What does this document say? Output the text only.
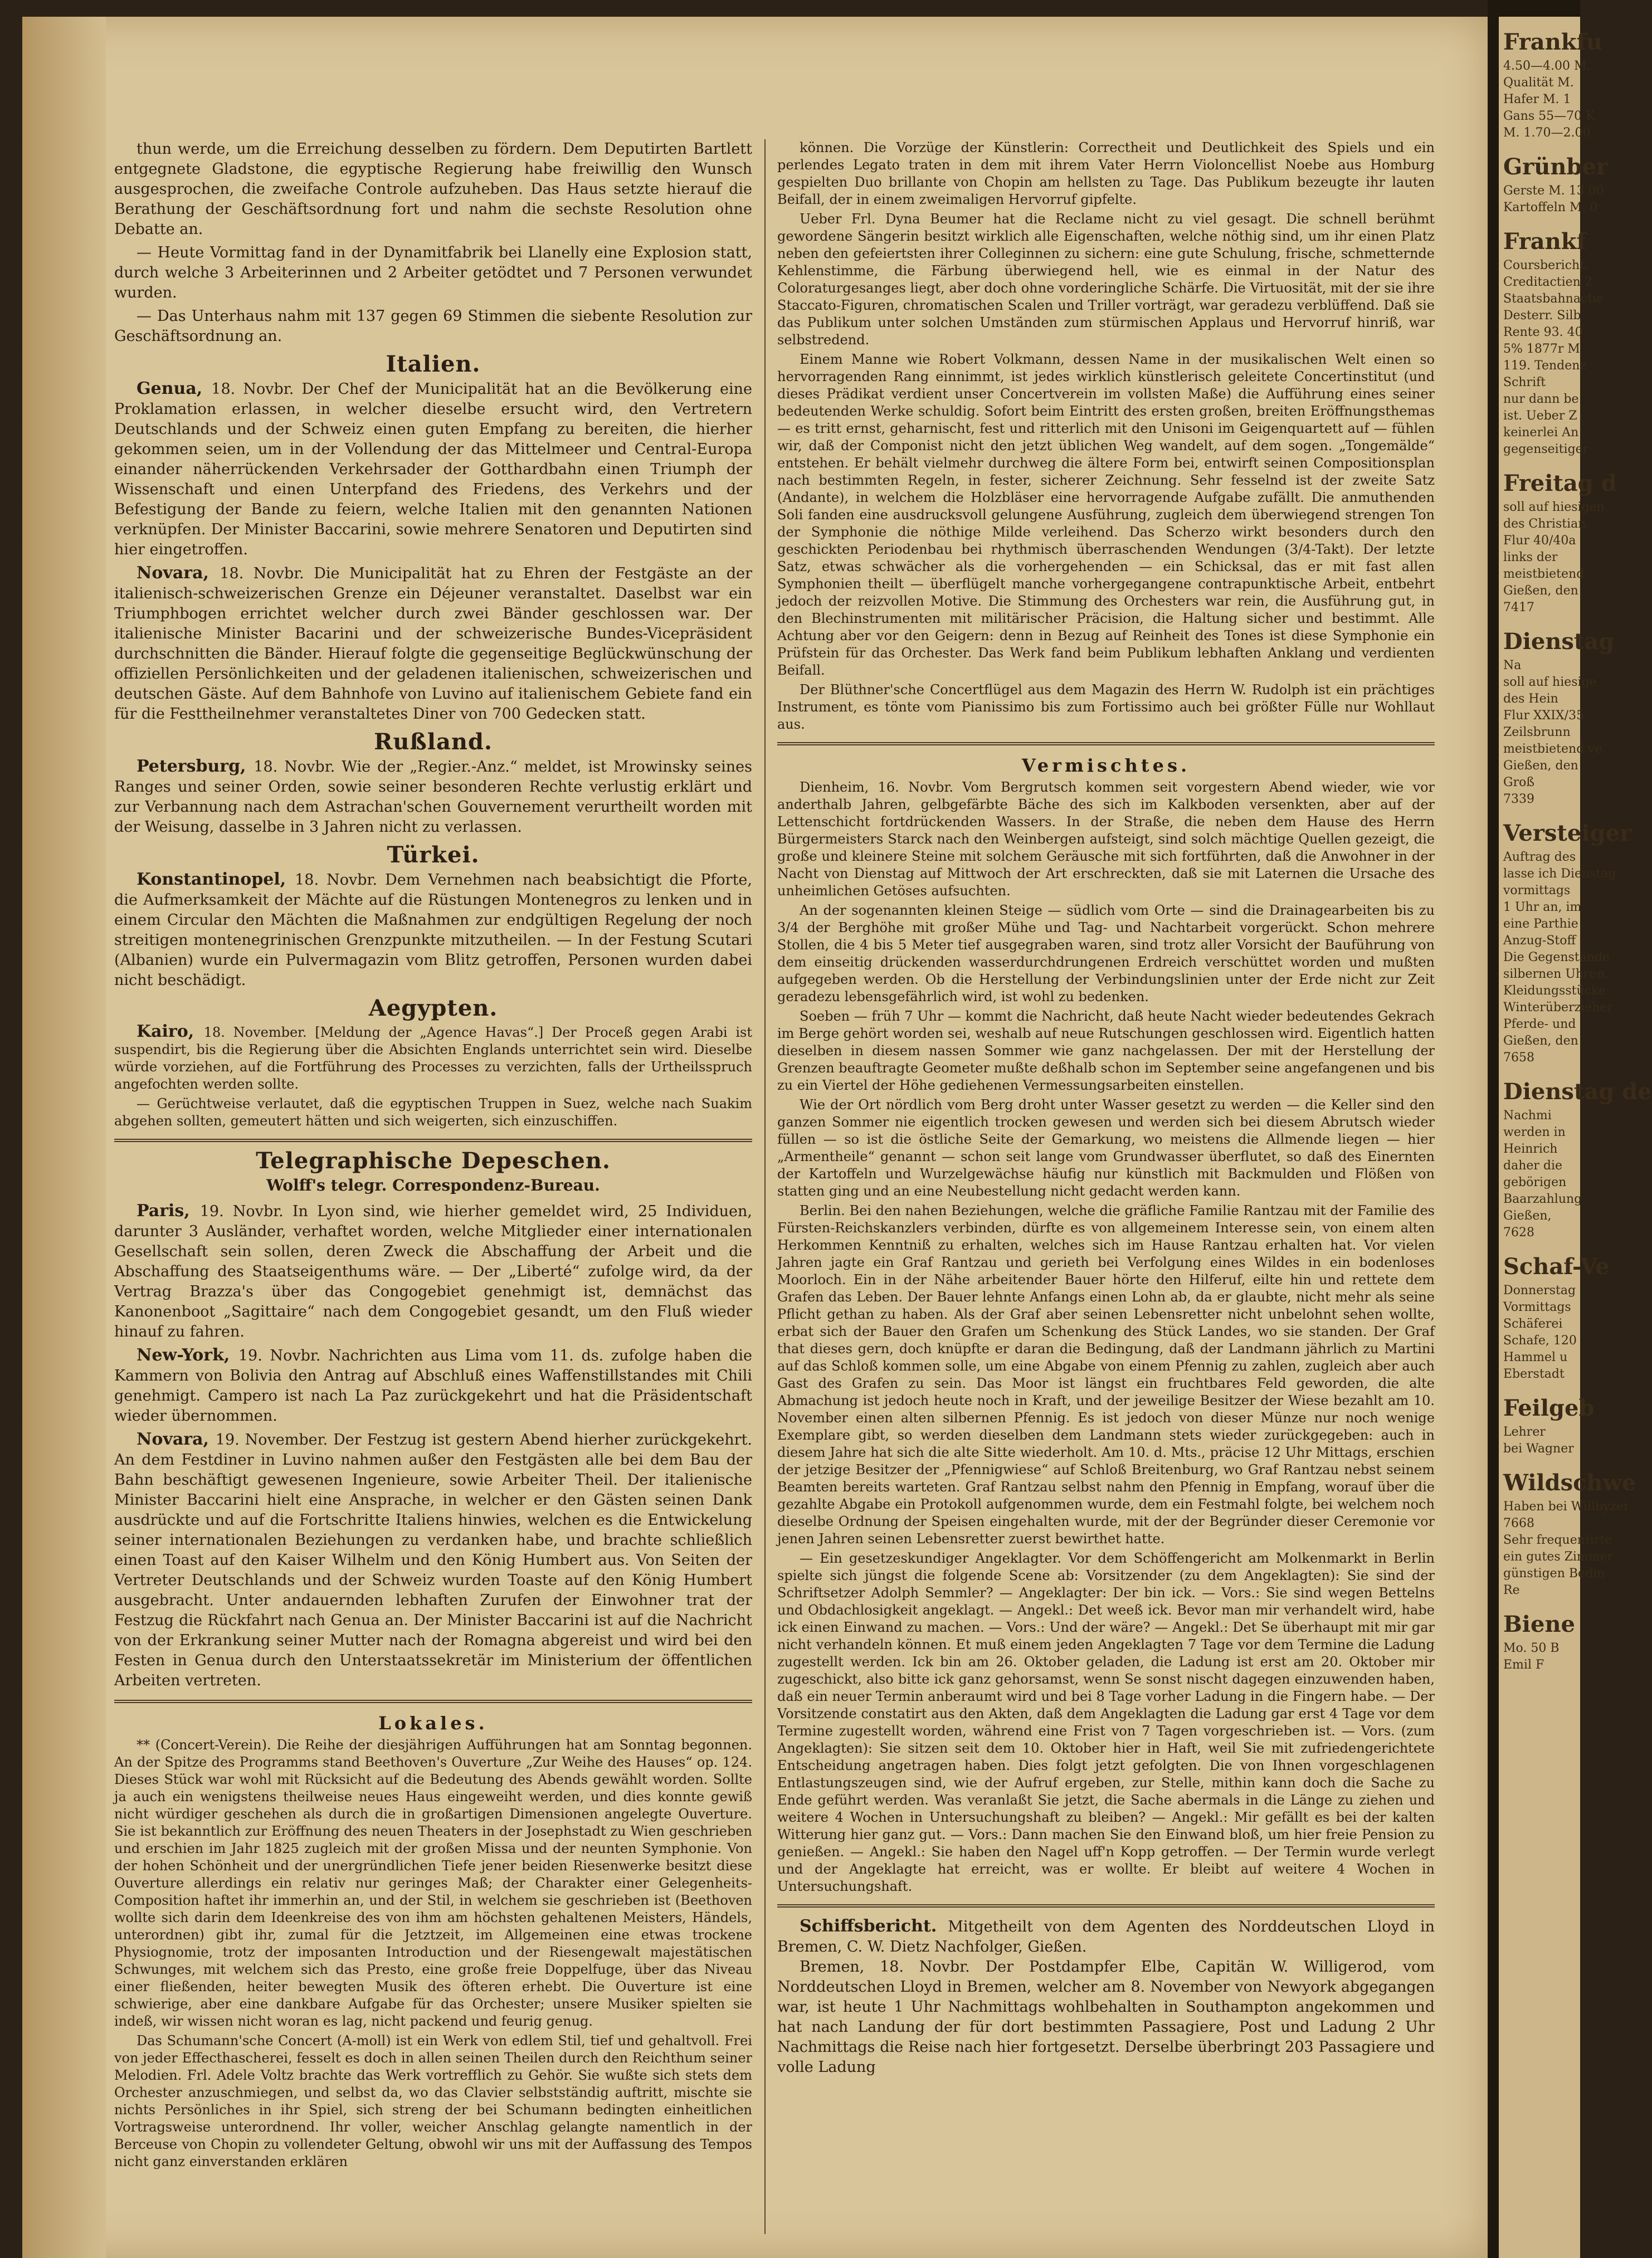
Frankfu
4.50—4.00 M.
Qualität M.
Hafer M. 1
Gans 55—70 K
M. 1.70—2.00.
Grünber
Gerste M. 13.00
Kartoffeln M. 0
Frankf
Coursbericht.
Creditactien 2
Staatsbahnactie
Desterr. Silb
Rente 93. 40
5% 1877r M
119. Tendenz
Schrift
nur dann be
ist. Ueber Z
keinerlei An
gegenseitiger
Freitag d
soll auf hiesigen
des Christian
Flur 40/40a
links der
meistbietend
Gießen, den
7417
Dienstag
Na
soll auf hiesige
des Hein
Flur XXIX/35
Zeilsbrunn
meistbietend ve
Gießen, den
Groß
7339
Versteiger
Auftrag des
lasse ich Dienstag
vormittags
1 Uhr an, im
eine Parthie
Anzug-Stoff
Die Gegenstände
silbernen Uhren,
Kleidungsstücke
Winterüberzieher
Pferde- und
Gießen, den
7658
Dienstag de
Nachmi
werden in
Heinrich
daher die
gebörigen
Baarzahlung
Gießen,
7628
Schaf-Ve
Donnerstag
Vormittags
Schäferei
Schafe, 120
Hammel u
Eberstadt
Feilgeb
Lehrer
bei Wagner
Wildschwe
Haben bei Willbyzei
7668
Sehr frequentirte
ein gutes Zimmer
günstigen Bedin
Re
Biene
Mo. 50 B
Emil F

thun werde, um die Erreichung desselben zu fördern. Dem Deputirten Bartlett entgegnete Gladstone, die egyptische Regierung habe freiwillig den Wunsch ausgesprochen, die zweifache Controle aufzuheben. Das Haus setzte hierauf die Berathung der Geschäftsordnung fort und nahm die sechste Resolution ohne Debatte an.

— Heute Vormittag fand in der Dynamitfabrik bei Llanelly eine Explosion statt, durch welche 3 Arbeiterinnen und 2 Arbeiter getödtet und 7 Personen verwundet wurden.

— Das Unterhaus nahm mit 137 gegen 69 Stimmen die siebente Resolution zur Geschäftsordnung an.

Italien.

Genua, 18. Novbr. Der Chef der Municipalität hat an die Bevölkerung eine Proklamation erlassen, in welcher dieselbe ersucht wird, den Vertretern Deutschlands und der Schweiz einen guten Empfang zu bereiten, die hierher gekommen seien, um in der Vollendung der das Mittelmeer und Central-Europa einander näherrückenden Verkehrsader der Gotthardbahn einen Triumph der Wissenschaft und einen Unterpfand des Friedens, des Verkehrs und der Befestigung der Bande zu feiern, welche Italien mit den genannten Nationen verknüpfen. Der Minister Baccarini, sowie mehrere Senatoren und Deputirten sind hier eingetroffen.

Novara, 18. Novbr. Die Municipalität hat zu Ehren der Festgäste an der italienisch-schweizerischen Grenze ein Déjeuner veranstaltet. Daselbst war ein Triumphbogen errichtet welcher durch zwei Bänder geschlossen war. Der italienische Minister Bacarini und der schweizerische Bundes-Vicepräsident durchschnitten die Bänder. Hierauf folgte die gegenseitige Beglückwünschung der offiziellen Persönlichkeiten und der geladenen italienischen, schweizerischen und deutschen Gäste. Auf dem Bahnhofe von Luvino auf italienischem Gebiete fand ein für die Festtheilnehmer veranstaltetes Diner von 700 Gedecken statt.

Rußland.

Petersburg, 18. Novbr. Wie der „Regier.-Anz.“ meldet, ist Mrowinsky seines Ranges und seiner Orden, sowie seiner besonderen Rechte verlustig erklärt und zur Verbannung nach dem Astrachan'schen Gouvernement verurtheilt worden mit der Weisung, dasselbe in 3 Jahren nicht zu verlassen.

Türkei.

Konstantinopel, 18. Novbr. Dem Vernehmen nach beabsichtigt die Pforte, die Aufmerksamkeit der Mächte auf die Rüstungen Montenegros zu lenken und in einem Circular den Mächten die Maßnahmen zur endgültigen Regelung der noch streitigen montenegrinischen Grenzpunkte mitzutheilen. — In der Festung Scutari (Albanien) wurde ein Pulvermagazin vom Blitz getroffen, Personen wurden dabei nicht beschädigt.

Aegypten.

Kairo, 18. November. [Meldung der „Agence Havas“.] Der Proceß gegen Arabi ist suspendirt, bis die Regierung über die Absichten Englands unterrichtet sein wird. Dieselbe würde vorziehen, auf die Fortführung des Processes zu verzichten, falls der Urtheilsspruch angefochten werden sollte.

— Gerüchtweise verlautet, daß die egyptischen Truppen in Suez, welche nach Suakim abgehen sollten, gemeutert hätten und sich weigerten, sich einzuschiffen.

Telegraphische Depeschen.
Wolff's telegr. Correspondenz-Bureau.

Paris, 19. Novbr. In Lyon sind, wie hierher gemeldet wird, 25 Individuen, darunter 3 Ausländer, verhaftet worden, welche Mitglieder einer internationalen Gesellschaft sein sollen, deren Zweck die Abschaffung der Arbeit und die Abschaffung des Staatseigenthums wäre. — Der „Liberté“ zufolge wird, da der Vertrag Brazza's über das Congogebiet genehmigt ist, demnächst das Kanonenboot „Sagittaire“ nach dem Congogebiet gesandt, um den Fluß wieder hinauf zu fahren.

New-York, 19. Novbr. Nachrichten aus Lima vom 11. ds. zufolge haben die Kammern von Bolivia den Antrag auf Abschluß eines Waffenstillstandes mit Chili genehmigt. Campero ist nach La Paz zurückgekehrt und hat die Präsidentschaft wieder übernommen.

Novara, 19. November. Der Festzug ist gestern Abend hierher zurückgekehrt. An dem Festdiner in Luvino nahmen außer den Festgästen alle bei dem Bau der Bahn beschäftigt gewesenen Ingenieure, sowie Arbeiter Theil. Der italienische Minister Baccarini hielt eine Ansprache, in welcher er den Gästen seinen Dank ausdrückte und auf die Fortschritte Italiens hinwies, welchen es die Entwickelung seiner internationalen Beziehungen zu verdanken habe, und brachte schließlich einen Toast auf den Kaiser Wilhelm und den König Humbert aus. Von Seiten der Vertreter Deutschlands und der Schweiz wurden Toaste auf den König Humbert ausgebracht. Unter andauernden lebhaften Zurufen der Einwohner trat der Festzug die Rückfahrt nach Genua an. Der Minister Baccarini ist auf die Nachricht von der Erkrankung seiner Mutter nach der Romagna abgereist und wird bei den Festen in Genua durch den Unterstaatssekretär im Ministerium der öffentlichen Arbeiten vertreten.

Lokales.

** (Concert-Verein). Die Reihe der diesjährigen Aufführungen hat am Sonntag begonnen. An der Spitze des Programms stand Beethoven's Ouverture „Zur Weihe des Hauses“ op. 124. Dieses Stück war wohl mit Rücksicht auf die Bedeutung des Abends gewählt worden. Sollte ja auch ein wenigstens theilweise neues Haus eingeweiht werden, und dies konnte gewiß nicht würdiger geschehen als durch die in großartigen Dimensionen angelegte Ouverture. Sie ist bekanntlich zur Eröffnung des neuen Theaters in der Josephstadt zu Wien geschrieben und erschien im Jahr 1825 zugleich mit der großen Missa und der neunten Symphonie. Von der hohen Schönheit und der unergründlichen Tiefe jener beiden Riesenwerke besitzt diese Ouverture allerdings ein relativ nur geringes Maß; der Charakter einer Gelegenheits-Composition haftet ihr immerhin an, und der Stil, in welchem sie geschrieben ist (Beethoven wollte sich darin dem Ideenkreise des von ihm am höchsten gehaltenen Meisters, Händels, unterordnen) gibt ihr, zumal für die Jetztzeit, im Allgemeinen eine etwas trockene Physiognomie, trotz der imposanten Introduction und der Riesengewalt majestätischen Schwunges, mit welchem sich das Presto, eine große freie Doppelfuge, über das Niveau einer fließenden, heiter bewegten Musik des öfteren erhebt. Die Ouverture ist eine schwierige, aber eine dankbare Aufgabe für das Orchester; unsere Musiker spielten sie indeß, wir wissen nicht woran es lag, nicht packend und feurig genug.

Das Schumann'sche Concert (A-moll) ist ein Werk von edlem Stil, tief und gehaltvoll. Frei von jeder Effecthascherei, fesselt es doch in allen seinen Theilen durch den Reichthum seiner Melodien. Frl. Adele Voltz brachte das Werk vortrefflich zu Gehör. Sie wußte sich stets dem Orchester anzuschmiegen, und selbst da, wo das Clavier selbstständig auftritt, mischte sie nichts Persönliches in ihr Spiel, sich streng der bei Schumann bedingten einheitlichen Vortragsweise unterordnend. Ihr voller, weicher Anschlag gelangte namentlich in der Berceuse von Chopin zu vollendeter Geltung, obwohl wir uns mit der Auffassung des Tempos nicht ganz einverstanden erklären

können. Die Vorzüge der Künstlerin: Correctheit und Deutlichkeit des Spiels und ein perlendes Legato traten in dem mit ihrem Vater Herrn Violoncellist Noebe aus Homburg gespielten Duo brillante von Chopin am hellsten zu Tage. Das Publikum bezeugte ihr lauten Beifall, der in einem zweimaligen Hervorruf gipfelte.

Ueber Frl. Dyna Beumer hat die Reclame nicht zu viel gesagt. Die schnell berühmt gewordene Sängerin besitzt wirklich alle Eigenschaften, welche nöthig sind, um ihr einen Platz neben den gefeiertsten ihrer Colleginnen zu sichern: eine gute Schulung, frische, schmetternde Kehlenstimme, die Färbung überwiegend hell, wie es einmal in der Natur des Coloraturgesanges liegt, aber doch ohne vorderingliche Schärfe. Die Virtuosität, mit der sie ihre Staccato-Figuren, chromatischen Scalen und Triller vorträgt, war geradezu verblüffend. Daß sie das Publikum unter solchen Umständen zum stürmischen Applaus und Hervorruf hinriß, war selbstredend.

Einem Manne wie Robert Volkmann, dessen Name in der musikalischen Welt einen so hervorragenden Rang einnimmt, ist jedes wirklich künstlerisch geleitete Concertinstitut (und dieses Prädikat verdient unser Concertverein im vollsten Maße) die Aufführung eines seiner bedeutenden Werke schuldig. Sofort beim Eintritt des ersten großen, breiten Eröffnungsthemas — es tritt ernst, geharnischt, fest und ritterlich mit den Unisoni im Geigenquartett auf — fühlen wir, daß der Componist nicht den jetzt üblichen Weg wandelt, auf dem sogen. „Tongemälde“ entstehen. Er behält vielmehr durchweg die ältere Form bei, entwirft seinen Compositionsplan nach bestimmten Regeln, in fester, sicherer Zeichnung. Sehr fesselnd ist der zweite Satz (Andante), in welchem die Holzbläser eine hervorragende Aufgabe zufällt. Die anmuthenden Soli fanden eine ausdrucksvoll gelungene Ausführung, zugleich dem überwiegend strengen Ton der Symphonie die nöthige Milde verleihend. Das Scherzo wirkt besonders durch den geschickten Periodenbau bei rhythmisch überraschenden Wendungen (3/4-Takt). Der letzte Satz, etwas schwächer als die vorhergehenden — ein Schicksal, das er mit fast allen Symphonien theilt — überflügelt manche vorhergegangene contrapunktische Arbeit, entbehrt jedoch der reizvollen Motive. Die Stimmung des Orchesters war rein, die Ausführung gut, in den Blechinstrumenten mit militärischer Präcision, die Haltung sicher und bestimmt. Alle Achtung aber vor den Geigern: denn in Bezug auf Reinheit des Tones ist diese Symphonie ein Prüfstein für das Orchester. Das Werk fand beim Publikum lebhaften Anklang und verdienten Beifall.

Der Blüthner'sche Concertflügel aus dem Magazin des Herrn W. Rudolph ist ein prächtiges Instrument, es tönte vom Pianissimo bis zum Fortissimo auch bei größter Fülle nur Wohllaut aus.

Vermischtes.

Dienheim, 16. Novbr. Vom Bergrutsch kommen seit vorgestern Abend wieder, wie vor anderthalb Jahren, gelbgefärbte Bäche des sich im Kalkboden versenkten, aber auf der Lettenschicht fortdrückenden Wassers. In der Straße, die neben dem Hause des Herrn Bürgermeisters Starck nach den Weinbergen aufsteigt, sind solch mächtige Quellen gezeigt, die große und kleinere Steine mit solchem Geräusche mit sich fortführten, daß die Anwohner in der Nacht von Dienstag auf Mittwoch der Art erschreckten, daß sie mit Laternen die Ursache des unheimlichen Getöses aufsuchten.

An der sogenannten kleinen Steige — südlich vom Orte — sind die Drainagearbeiten bis zu 3/4 der Berghöhe mit großer Mühe und Tag- und Nachtarbeit vorgerückt. Schon mehrere Stollen, die 4 bis 5 Meter tief ausgegraben waren, sind trotz aller Vorsicht der Bauführung von dem einseitig drückenden wasserdurchdrungenen Erdreich verschüttet worden und mußten aufgegeben werden. Ob die Herstellung der Verbindungslinien unter der Erde nicht zur Zeit geradezu lebensgefährlich wird, ist wohl zu bedenken.

Soeben — früh 7 Uhr — kommt die Nachricht, daß heute Nacht wieder bedeutendes Gekrach im Berge gehört worden sei, weshalb auf neue Rutschungen geschlossen wird. Eigentlich hatten dieselben in diesem nassen Sommer wie ganz nachgelassen. Der mit der Herstellung der Grenzen beauftragte Geometer mußte deßhalb schon im September seine angefangenen und bis zu ein Viertel der Höhe gediehenen Vermessungsarbeiten einstellen.

Wie der Ort nördlich vom Berg droht unter Wasser gesetzt zu werden — die Keller sind den ganzen Sommer nie eigentlich trocken gewesen und werden sich bei diesem Abrutsch wieder füllen — so ist die östliche Seite der Gemarkung, wo meistens die Allmende liegen — hier „Armentheile“ genannt — schon seit lange vom Grundwasser überflutet, so daß des Einernten der Kartoffeln und Wurzelgewächse häufig nur künstlich mit Backmulden und Flößen von statten ging und an eine Neubestellung nicht gedacht werden kann.

Berlin. Bei den nahen Beziehungen, welche die gräfliche Familie Rantzau mit der Familie des Fürsten-Reichskanzlers verbinden, dürfte es von allgemeinem Interesse sein, von einem alten Herkommen Kenntniß zu erhalten, welches sich im Hause Rantzau erhalten hat. Vor vielen Jahren jagte ein Graf Rantzau und gerieth bei Verfolgung eines Wildes in ein bodenloses Moorloch. Ein in der Nähe arbeitender Bauer hörte den Hilferuf, eilte hin und rettete dem Grafen das Leben. Der Bauer lehnte Anfangs einen Lohn ab, da er glaubte, nicht mehr als seine Pflicht gethan zu haben. Als der Graf aber seinen Lebensretter nicht unbelohnt sehen wollte, erbat sich der Bauer den Grafen um Schenkung des Stück Landes, wo sie standen. Der Graf that dieses gern, doch knüpfte er daran die Bedingung, daß der Landmann jährlich zu Martini auf das Schloß kommen solle, um eine Abgabe von einem Pfennig zu zahlen, zugleich aber auch Gast des Grafen zu sein. Das Moor ist längst ein fruchtbares Feld geworden, die alte Abmachung ist jedoch heute noch in Kraft, und der jeweilige Besitzer der Wiese bezahlt am 10. November einen alten silbernen Pfennig. Es ist jedoch von dieser Münze nur noch wenige Exemplare gibt, so werden dieselben dem Landmann stets wieder zurückgegeben: auch in diesem Jahre hat sich die alte Sitte wiederholt. Am 10. d. Mts., präcise 12 Uhr Mittags, erschien der jetzige Besitzer der „Pfennigwiese“ auf Schloß Breitenburg, wo Graf Rantzau nebst seinem Beamten bereits warteten. Graf Rantzau selbst nahm den Pfennig in Empfang, worauf über die gezahlte Abgabe ein Protokoll aufgenommen wurde, dem ein Festmahl folgte, bei welchem noch dieselbe Ordnung der Speisen eingehalten wurde, mit der der Begründer dieser Ceremonie vor jenen Jahren seinen Lebensretter zuerst bewirthet hatte.

— Ein gesetzeskundiger Angeklagter. Vor dem Schöffengericht am Molkenmarkt in Berlin spielte sich jüngst die folgende Scene ab: Vorsitzender (zu dem Angeklagten): Sie sind der Schriftsetzer Adolph Semmler? — Angeklagter: Der bin ick. — Vors.: Sie sind wegen Bettelns und Obdachlosigkeit angeklagt. — Angekl.: Det weeß ick. Bevor man mir verhandelt wird, habe ick einen Einwand zu machen. — Vors.: Und der wäre? — Angekl.: Det Se überhaupt mit mir gar nicht verhandeln können. Et muß einem jeden Angeklagten 7 Tage vor dem Termine die Ladung zugestellt werden. Ick bin am 26. Oktober geladen, die Ladung ist erst am 20. Oktober mir zugeschickt, also bitte ick ganz gehorsamst, wenn Se sonst nischt dagegen einzuwenden haben, daß ein neuer Termin anberaumt wird und bei 8 Tage vorher Ladung in die Fingern habe. — Der Vorsitzende constatirt aus den Akten, daß dem Angeklagten die Ladung gar erst 4 Tage vor dem Termine zugestellt worden, während eine Frist von 7 Tagen vorgeschrieben ist. — Vors. (zum Angeklagten): Sie sitzen seit dem 10. Oktober hier in Haft, weil Sie mit zufriedengerichtete Entscheidung angetragen haben. Dies folgt jetzt gefolgten. Die von Ihnen vorgeschlagenen Entlastungszeugen sind, wie der Aufruf ergeben, zur Stelle, mithin kann doch die Sache zu Ende geführt werden. Was veranlaßt Sie jetzt, die Sache abermals in die Länge zu ziehen und weitere 4 Wochen in Untersuchungshaft zu bleiben? — Angekl.: Mir gefällt es bei der kalten Witterung hier ganz gut. — Vors.: Dann machen Sie den Einwand bloß, um hier freie Pension zu genießen. — Angekl.: Sie haben den Nagel uff'n Kopp getroffen. — Der Termin wurde verlegt und der Angeklagte hat erreicht, was er wollte. Er bleibt auf weitere 4 Wochen in Untersuchungshaft.

Schiffsbericht. Mitgetheilt von dem Agenten des Norddeutschen Lloyd in Bremen, C. W. Dietz Nachfolger, Gießen.

Bremen, 18. Novbr. Der Postdampfer Elbe, Capitän W. Willigerod, vom Norddeutschen Lloyd in Bremen, welcher am 8. November von Newyork abgegangen war, ist heute 1 Uhr Nachmittags wohlbehalten in Southampton angekommen und hat nach Landung der für dort bestimmten Passagiere, Post und Ladung 2 Uhr Nachmittags die Reise nach hier fortgesetzt. Derselbe überbringt 203 Passagiere und volle Ladung
